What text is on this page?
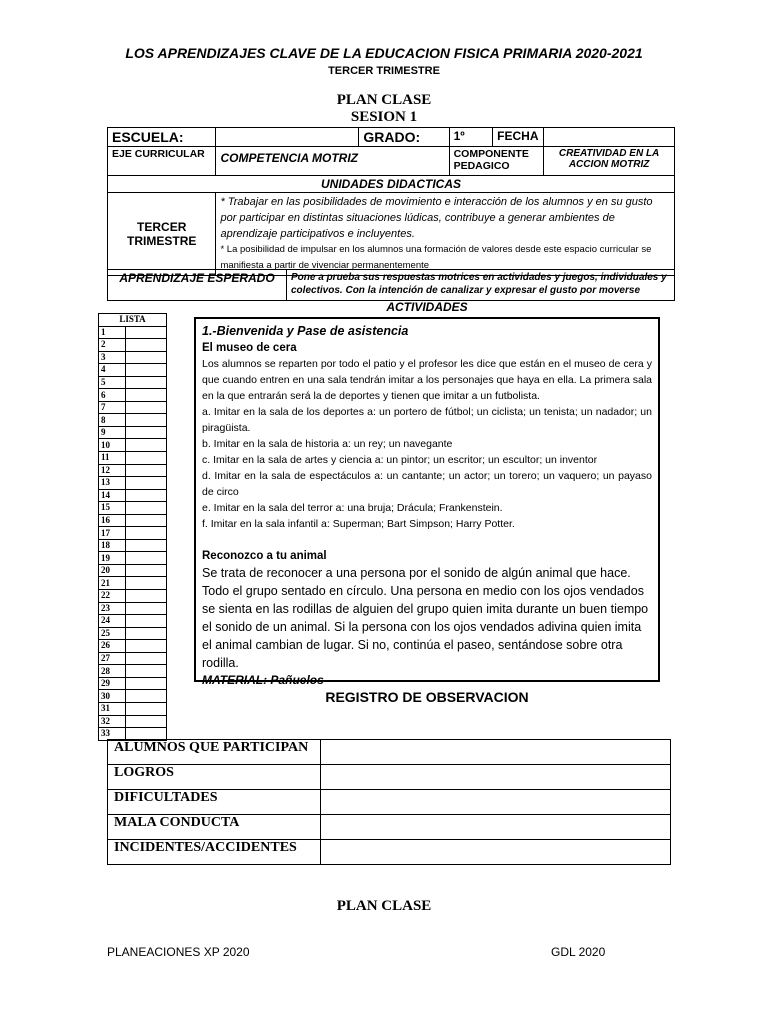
LOS APRENDIZAJES CLAVE DE LA EDUCACION FISICA PRIMARIA 2020-2021
TERCER TRIMESTRE
PLAN CLASE
SESION 1
ESCUELA:		GRADO:	1º	FECHA	
EJE CURRICULAR	COMPETENCIA MOTRIZ		COMPONENTE PEDAGICO		CREATIVIDAD EN LA ACCION MOTRIZ
UNIDADES DIDACTICAS					
TERCER TRIMESTRE	* Trabajar en las posibilidades de movimiento e interacción de los alumnos y en su gusto por participar en distintas situaciones lúdicas, contribuye a generar ambientes de aprendizaje participativos e incluyentes.
* La posibilidad de impulsar en los alumnos una formación de valores desde este espacio curricular se manifiesta a partir de vivenciar permanentemente				
APRENDIZAJE ESPERADO	Pone a prueba sus respuestas motrices en actividades y juegos, individuales y colectivos. Con la intención de canalizar y expresar el gusto por moverse
ACTIVIDADES
LISTA	
1	
2	
3	
4	
5	
6	
7	
8	
9	
10	
11	
12	
13	
14	
15	
16	
17	
18	
19	
20	
21	
22	
23	
24	
25	
26	
27	
28	
29	
30	
31	
32	
33	
1.-Bienvenida y Pase de asistencia
El museo de cera
Los alumnos se reparten por todo el patio y el profesor les dice que están en el museo de cera y que cuando entren en una sala tendrán imitar a los personajes que haya en ella. La primera sala en la que entrarán será la de deportes y tienen que imitar a un futbolista.
a. Imitar en la sala de los deportes a: un portero de fútbol; un ciclista; un tenista; un nadador; un piragüista.
b. Imitar en la sala de historia a: un rey; un navegante
c. Imitar en la sala de artes y ciencia a: un pintor; un escritor; un escultor; un inventor
d. Imitar en la sala de espectáculos a: un cantante; un actor; un torero; un vaquero; un payaso de circo
e. Imitar en la sala del terror a: una bruja; Drácula; Frankenstein.
f. Imitar en la sala infantil a: Superman; Bart Simpson; Harry Potter.
Reconozco a tu animal
Se trata de reconocer a una persona por el sonido de algún animal que hace. Todo el grupo sentado en círculo. Una persona en medio con los ojos vendados se sienta en las rodillas de alguien del grupo quien imita durante un buen tiempo el sonido de un animal. Si la persona con los ojos vendados adivina quien imita el animal cambian de lugar. Si no, continúa el paseo, sentándose sobre otra rodilla.
MATERIAL: Pañuelos
REGISTRO DE OBSERVACION
ALUMNOS QUE PARTICIPAN	
LOGROS	
DIFICULTADES	
MALA CONDUCTA	
INCIDENTES/ACCIDENTES	
PLAN CLASE
PLANEACIONES XP 2020	GDL 2020
